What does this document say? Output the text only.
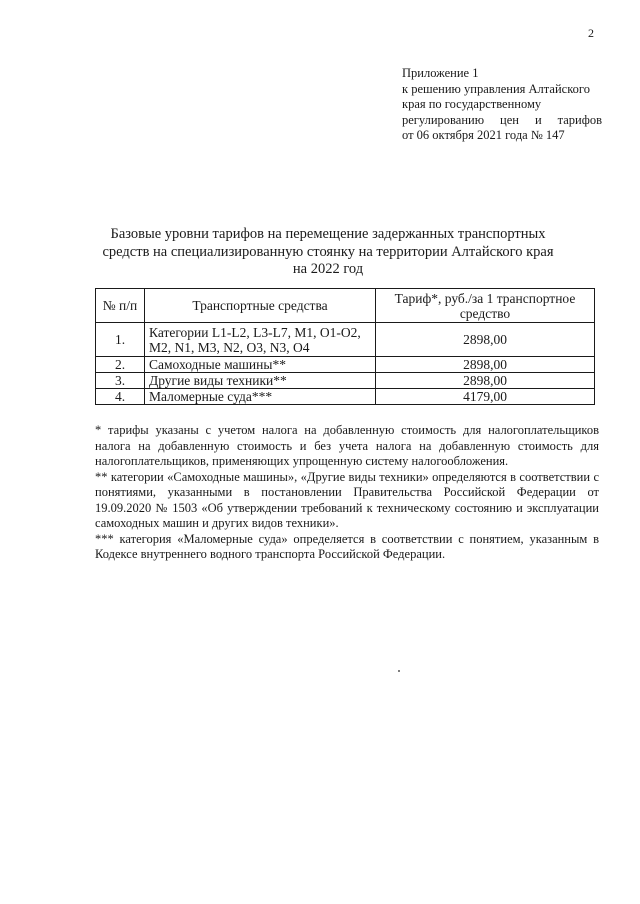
2
Приложение 1
к решению управления Алтайского
края по государственному
регулированию цен и тарифов
от 06 октября 2021 года № 147
Базовые уровни тарифов на перемещение задержанных транспортных
средств на специализированную стоянку на территории Алтайского края
на 2022 год
№ п/п	Транспортные средства	Тариф*, руб./за 1 транспортное средство
1.	Категории L1-L2, L3-L7, M1, O1-O2, M2, N1, M3, N2, O3, N3, O4	2898,00
2.	Самоходные машины**	2898,00
3.	Другие виды техники**	2898,00
4.	Маломерные суда***	4179,00

* тарифы указаны с учетом налога на добавленную стоимость для налогоплательщиков налога на добавленную стоимость и без учета налога на добавленную стоимость для налогоплательщиков, применяющих упрощенную систему налогообложения.

** категории «Самоходные машины», «Другие виды техники» определяются в соответствии с понятиями, указанными в постановлении Правительства Российской Федерации от 19.09.2020 № 1503 «Об утверждении требований к техническому состоянию и эксплуатации самоходных машин и других видов техники».

*** категория «Маломерные суда» определяется в соответствии с понятием, указанным в Кодексе внутреннего водного транспорта Российской Федерации.
